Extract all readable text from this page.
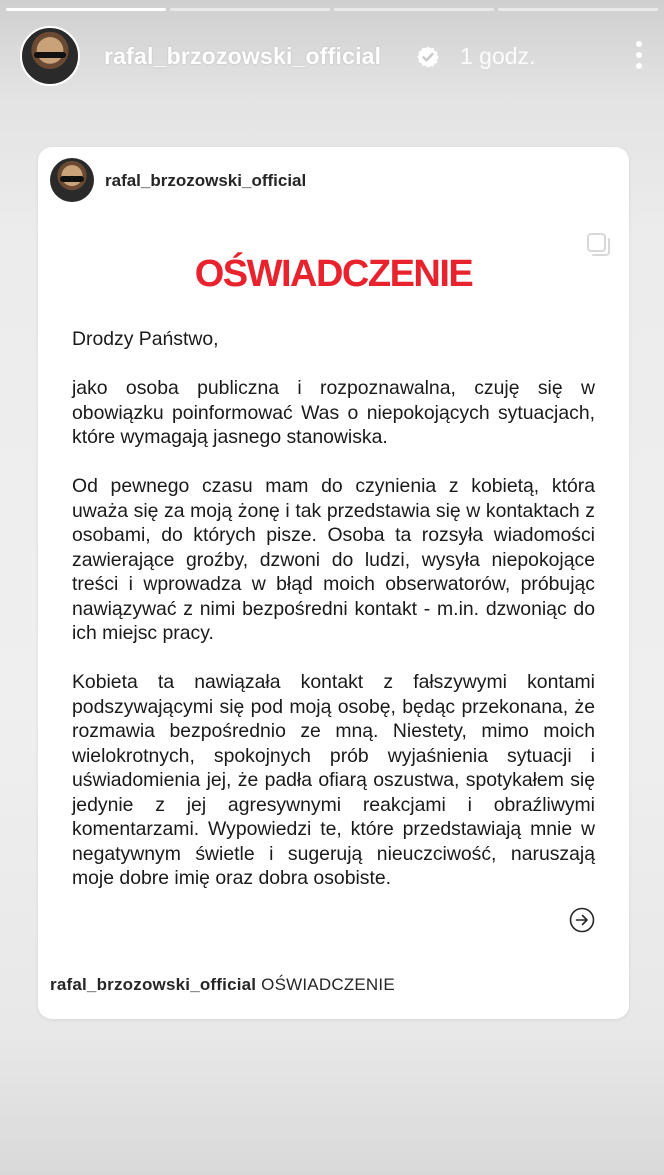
rafal_brzozowski_official	1 godz.
rafal_brzozowski_official
OŚWIADCZENIE

Drodzy Państwo,

jako osoba publiczna i rozpoznawalna, czuję się w obowiązku poinformować Was o niepokojących sytuacjach, które wymagają jasnego stanowiska.

Od pewnego czasu mam do czynienia z kobietą, która uważa się za moją żonę i tak przedstawia się w kontaktach z osobami, do których pisze. Osoba ta rozsyła wiadomości zawierające groźby, dzwoni do ludzi, wysyła niepokojące treści i wprowadza w błąd moich obserwatorów, próbując nawiązywać z nimi bezpośredni kontakt - m.in. dzwoniąc do ich miejsc pracy.

Kobieta ta nawiązała kontakt z fałszywymi kontami podszywającymi się pod moją osobę, będąc przekonana, że rozmawia bezpośrednio ze mną. Niestety, mimo moich wielokrotnych, spokojnych prób wyjaśnienia sytuacji i uświadomienia jej, że padła ofiarą oszustwa, spotykałem się jedynie z jej agresywnymi reakcjami i obraźliwymi komentarzami. Wypowiedzi te, które przedstawiają mnie w negatywnym świetle i sugerują nieuczciwość, naruszają moje dobre imię oraz dobra osobiste.

rafal_brzozowski_official OŚWIADCZENIE
